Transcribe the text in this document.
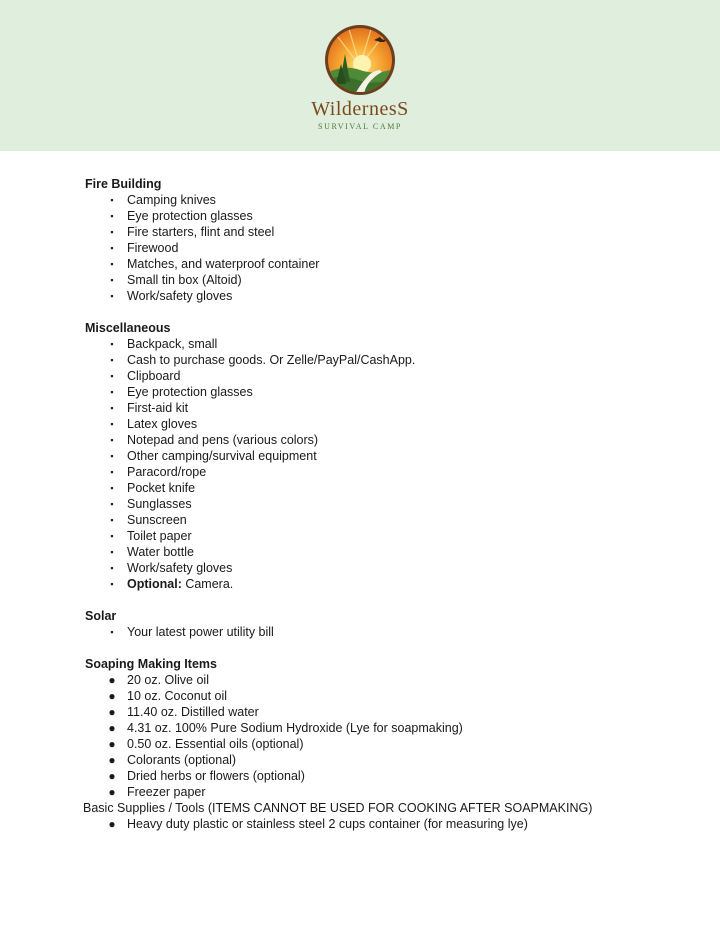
WildernesS
SURVIVAL CAMP
Fire Building
▪ Camping knives
▪ Eye protection glasses
▪ Fire starters, flint and steel
▪ Firewood
▪ Matches, and waterproof container
▪ Small tin box (Altoid)
▪ Work/safety gloves
Miscellaneous
▪ Backpack, small
▪ Cash to purchase goods. Or Zelle/PayPal/CashApp.
▪ Clipboard
▪ Eye protection glasses
▪ First-aid kit
▪ Latex gloves
▪ Notepad and pens (various colors)
▪ Other camping/survival equipment
▪ Paracord/rope
▪ Pocket knife
▪ Sunglasses
▪ Sunscreen
▪ Toilet paper
▪ Water bottle
▪ Work/safety gloves
▪ Optional: Camera.
Solar
▪ Your latest power utility bill
Soaping Making Items
● 20 oz. Olive oil
● 10 oz. Coconut oil
● 11.40 oz. Distilled water
● 4.31 oz. 100% Pure Sodium Hydroxide (Lye for soapmaking)
● 0.50 oz. Essential oils (optional)
● Colorants (optional)
● Dried herbs or flowers (optional)
● Freezer paper
Basic Supplies / Tools (ITEMS CANNOT BE USED FOR COOKING AFTER SOAPMAKING)
● Heavy duty plastic or stainless steel 2 cups container (for measuring lye)
